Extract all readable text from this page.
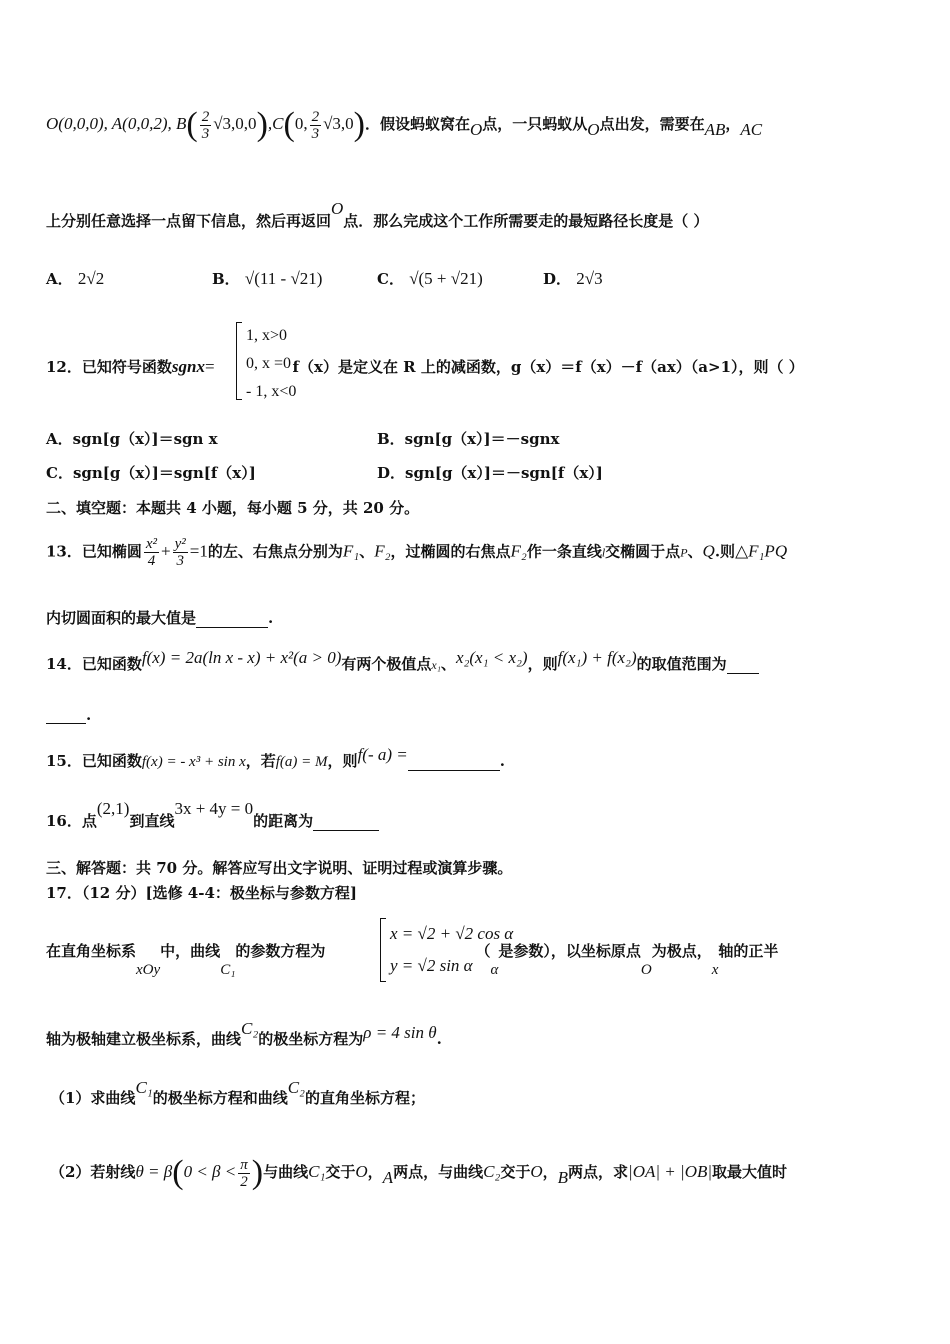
O(0,0,0), A(0,0,2), $B( \frac{2}{3} √3,0,0),C(0$, $\frac{2}{3} √3,0$)．假设蚂蚁窝在O点，一只蚂蚁从O点出发，需要在AB，AC
上分别任意选择一点留下信息，然后再返回O点．那么完成这个工作所需要走的最短路径长度是（ ）
A． 2√2	B． √(11 - √21)	C． √(5 + √21)	D． 2√3
12．已知符号函数sgnx=	f（x）是定义在 R 上的减函数，g（x）＝f（x）－f（ax）（a>1），则（ ）
1, x>0
0, x =0
- 1, x<0
A．sgn[g（x）]＝sgn x	B．sgn[g（x）]＝－sgnx
C．sgn[g（x）]＝sgn[f（x）]	D．sgn[g（x）]＝－sgn[f（x）]
二、填空题：本题共 4 小题，每小题 5 分，共 20 分。
13．已知椭圆 $\frac{\text{x²}}{4} + \frac{\text{y²}}{3} =1$的左、右焦点分别为F₁、F₂，过椭圆的右焦点F₂作一条直线l交椭圆于点P、Q.则△F₁PQ
内切圆面积的最大值是	.
14．已知函数f(x) = 2a(ln x - x) + x²(a > 0)有两个极值点x₁、x₂(x₁ < x₂)，则f(x₁) + f(x₂)的取值范围为
.
15．已知函数f(x) = - x³ + sin x，若f(a) = M，则f(- a) =	.
16．点(2,1)到直线3x + 4y = 0的距离为
三、解答题：共 70 分。解答应写出文字说明、证明过程或演算步骤。
17．（12 分）[选修 4-4：极坐标与参数方程]
在直角坐标系xOy中，曲线C₁的参数方程为	（α是参数），以坐标原点O为极点，x轴的正半
x = √2 + √2 cos α
y = √2 sin α
轴为极轴建立极坐标系，曲线C₂的极坐标方程为ρ = 4 sin θ.
（1）求曲线C₁的极坐标方程和曲线C₂的直角坐标方程；
（2）若射线$\theta = \beta(0 < \beta < \frac{\pi}{2}$ )与曲线C₁交于O，A两点，与曲线C₂交于O，B两点，求|OA| + |OB|取最大值时
